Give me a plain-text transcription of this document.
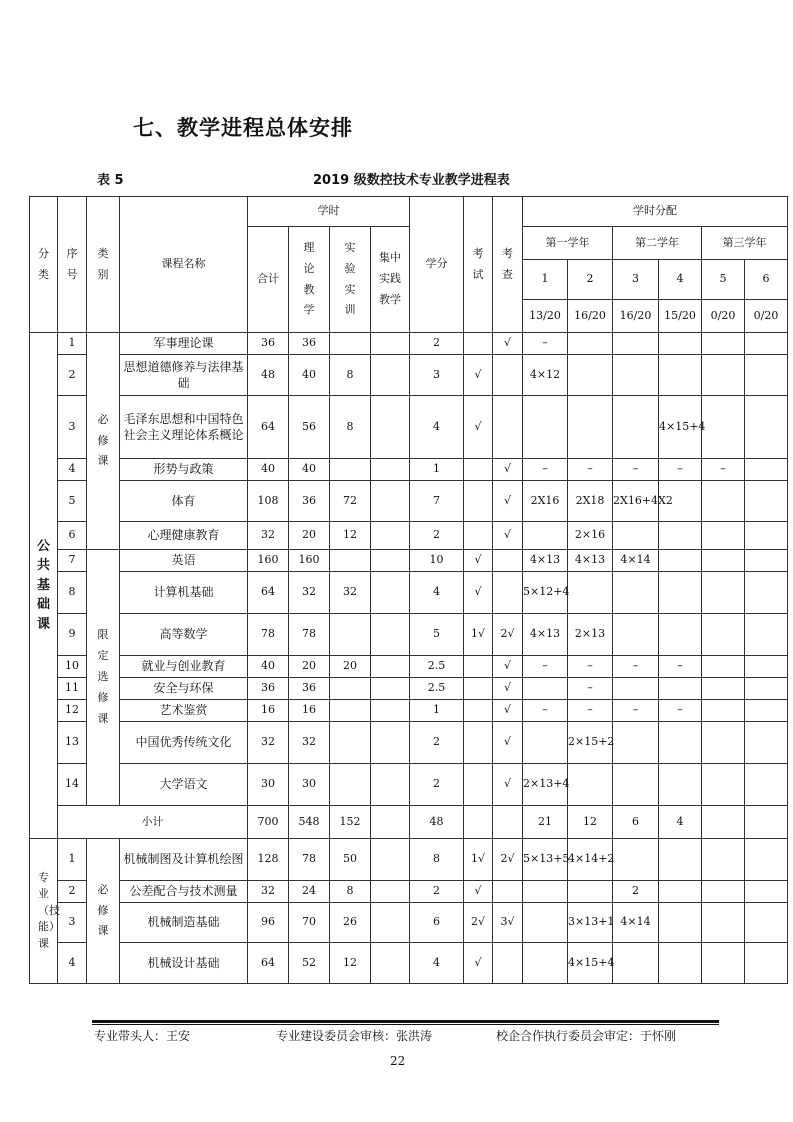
七、教学进程总体安排
表 5	2019 级数控技术专业教学进程表
分类	序号	类别	课程名称	学时				学分	考试	考查	学时分配					
				合计	理论教学	实验实训	集中实践教学				第一学年		第二学年		第三学年	
											1	2	3	4	5	6
											13/20	16/20	16/20	15/20	0/20	0/20
公共基础课	1	必修课	军事理论课	36	36			2		√	–					
	2		思想道德修养与法律基础	48	40	8		3	√		4×12					
	3		毛泽东思想和中国特色社会主义理论体系概论	64	56	8		4	√					4×15+4		
	4		形势与政策	40	40			1		√	–	–	–	–	–	
	5		体育	108	36	72		7		√	2X16	2X18	2X16+4X2			
	6		心理健康教育	32	20	12		2		√		2×16				
	7	限定选修课	英语	160	160			10	√		4×13	4×13	4×14			
	8		计算机基础	64	32	32		4	√		5×12+4					
	9		高等数学	78	78			5	1√	2√	4×13	2×13				
	10		就业与创业教育	40	20	20		2.5		√	–	–	–	–		
	11		安全与环保	36	36			2.5		√		–				
	12		艺术鉴赏	16	16			1		√	–	–	–	–		
	13		中国优秀传统文化	32	32			2		√		2×15+2				
	14		大学语文	30	30			2		√	2×13+4					
	小计			700	548	152		48			21	12	6	4		
专业（技能）课	1	必修课	机械制图及计算机绘图	128	78	50		8	1√	2√	5×13+5	4×14+2				
	2		公差配合与技术测量	32	24	8		2	√				2			
	3		机械制造基础	96	70	26		6	2√	3√		3×13+1	4×14			
	4		机械设计基础	64	52	12		4	√			4×15+4				
专业带头人：王安	专业建设委员会审核：张洪涛	校企合作执行委员会审定：于怀刚
22
